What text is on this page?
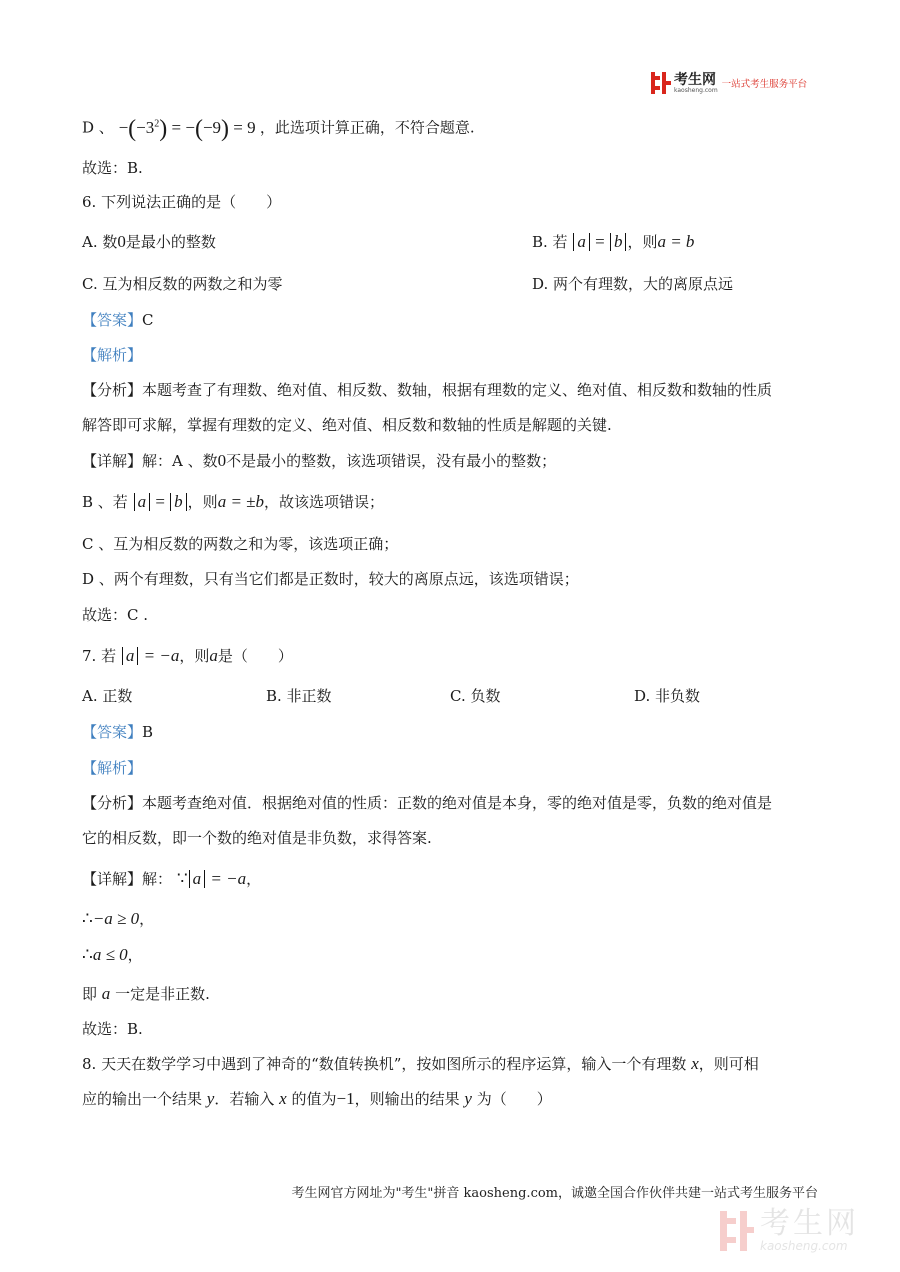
考生网
kaosheng.com 一站式考生服务平台
D 、 $-(-3^2) = -(-9) = 9$ ，此选项计算正确，不符合题意.
故选：B.
6. 下列说法正确的是（　　）
A. 数0是最小的整数	B. 若 a = b ，则a = b
C. 互为相反数的两数之和为零	D. 两个有理数，大的离原点远
【答案】C
【解析】
【分析】本题考查了有理数、绝对值、相反数、数轴，根据有理数的定义、绝对值、相反数和数轴的性质
解答即可求解，掌握有理数的定义、绝对值、相反数和数轴的性质是解题的关键.
【详解】解：A 、数0不是最小的整数，该选项错误，没有最小的整数；
B 、若 a = b ，则a = ±b，故该选项错误；
C 、互为相反数的两数之和为零，该选项正确；
D 、两个有理数，只有当它们都是正数时，较大的离原点远，该选项错误；
故选：C .
7. 若 a = −a，则a是（　　）
A. 正数	B. 非正数	C. 负数	D. 非负数
【答案】B
【解析】
【分析】本题考查绝对值．根据绝对值的性质：正数的绝对值是本身，零的绝对值是零，负数的绝对值是
它的相反数，即一个数的绝对值是非负数，求得答案.
【详解】解： ∵ a = −a，
∴−a ≥ 0，
∴a ≤ 0，
即 a 一定是非正数.
故选：B.
8. 天天在数学学习中遇到了神奇的“数值转换机”，按如图所示的程序运算，输入一个有理数 x，则可相
应的输出一个结果 y．若输入 x 的值为−1，则输出的结果 y 为（　　）
考生网官方网址为"考生"拼音 kaosheng.com，诚邀全国合作伙伴共建一站式考生服务平台
考生网
kaosheng.com
